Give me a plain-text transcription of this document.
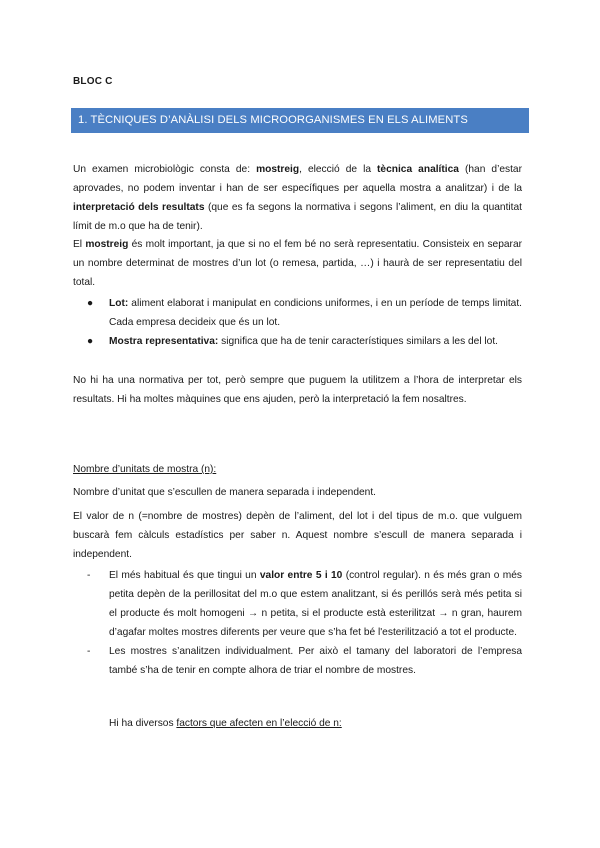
BLOC C
1. TÈCNIQUES D’ANÀLISI DELS MICROORGANISMES EN ELS ALIMENTS
Un examen microbiològic consta de: mostreig, elecció de la tècnica analítica (han d’estar aprovades, no podem inventar i han de ser específiques per aquella mostra a analitzar) i de la interpretació dels resultats (que es fa segons la normativa i segons l’aliment, en diu la quantitat límit de m.o que ha de tenir).
El mostreig és molt important, ja que si no el fem bé no serà representatiu. Consisteix en separar un nombre determinat de mostres d’un lot (o remesa, partida, …) i haurà de ser representatiu del total.
● Lot: aliment elaborat i manipulat en condicions uniformes, i en un període de temps limitat. Cada empresa decideix que és un lot.
● Mostra representativa: significa que ha de tenir característiques similars a les del lot.
No hi ha una normativa per tot, però sempre que puguem la utilitzem a l’hora de interpretar els resultats. Hi ha moltes màquines que ens ajuden, però la interpretació la fem nosaltres.
Nombre d’unitats de mostra (n):
Nombre d’unitat que s’escullen de manera separada i independent.
El valor de n (=nombre de mostres) depèn de l’aliment, del lot i del tipus de m.o. que vulguem buscarà fem càlculs estadístics per saber n. Aquest nombre s’escull de manera separada i independent.
- El més habitual és que tingui un valor entre 5 i 10 (control regular). n és més gran o més petita depèn de la perillositat del m.o que estem analitzant, si és perillós serà més petita si el producte és molt homogeni → n petita, si el producte està esterilitzat → n gran, haurem d’agafar moltes mostres diferents per veure que s’ha fet bé l'esterilització a tot el producte.
- Les mostres s’analitzen individualment. Per això el tamany del laboratori de l’empresa també s’ha de tenir en compte alhora de triar el nombre de mostres.
Hi ha diversos factors que afecten en l’elecció de n:
